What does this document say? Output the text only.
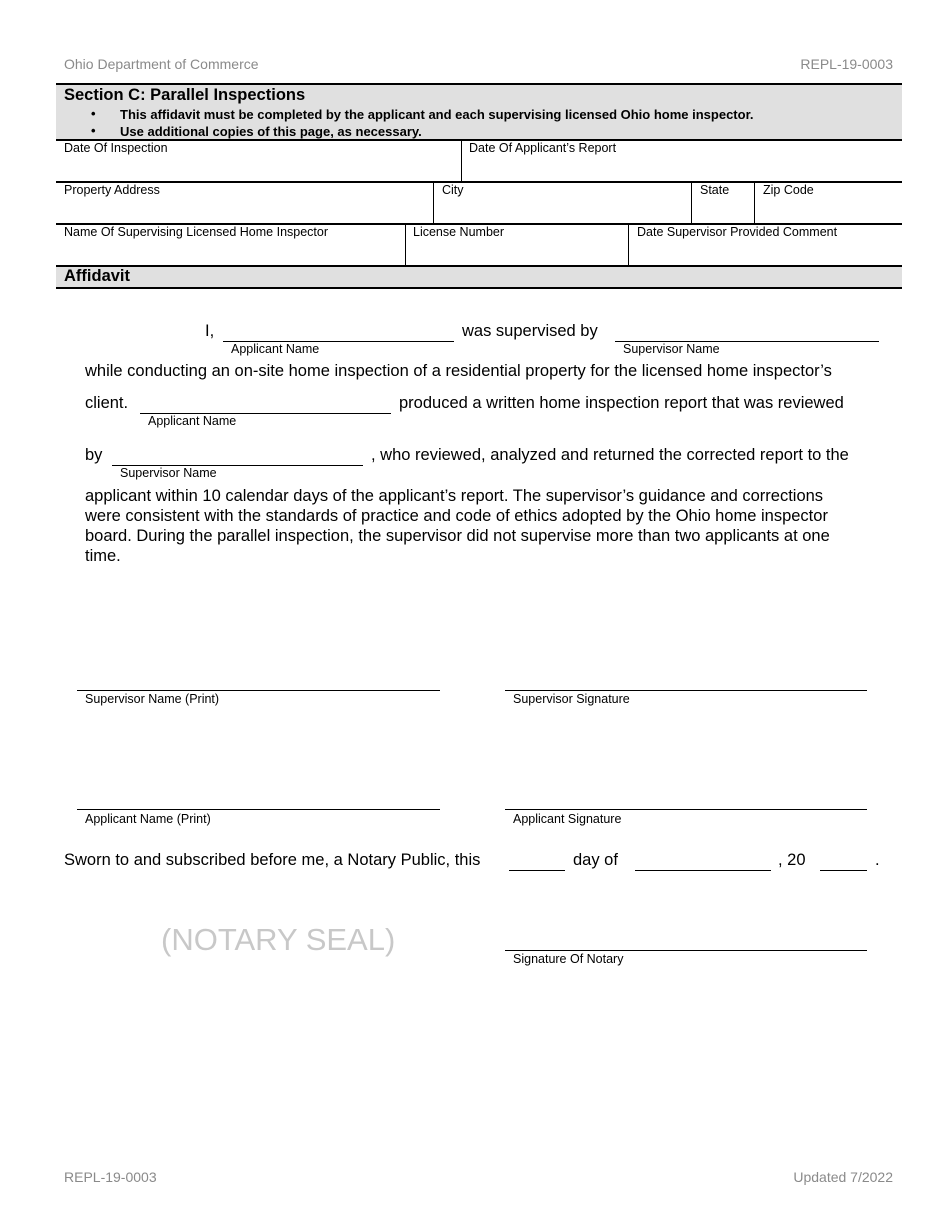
Ohio Department of Commerce	REPL-19-0003
Section C: Parallel Inspections
• This affidavit must be completed by the applicant and each supervising licensed Ohio home inspector.
• Use additional copies of this page, as necessary.
Date Of Inspection	Date Of Applicant’s Report
Property Address	City	State	Zip Code
Name Of Supervising Licensed Home Inspector	License Number	Date Supervisor Provided Comment
Affidavit
I,
Applicant Name
was supervised by
Supervisor Name
while conducting an on-site home inspection of a residential property for the licensed home inspector’s
client.
Applicant Name
produced a written home inspection report that was reviewed
by
Supervisor Name
, who reviewed, analyzed and returned the corrected report to the
applicant within 10 calendar days of the applicant’s report. The supervisor’s guidance and corrections
were consistent with the standards of practice and code of ethics adopted by the Ohio home inspector
board. During the parallel inspection, the supervisor did not supervise more than two applicants at one
time.
Supervisor Name (Print)	Supervisor Signature
Applicant Name (Print)	Applicant Signature
Sworn to and subscribed before me, a Notary Public, this	day of	, 20	.
(NOTARY SEAL)
Signature Of Notary
REPL-19-0003	Updated 7/2022
